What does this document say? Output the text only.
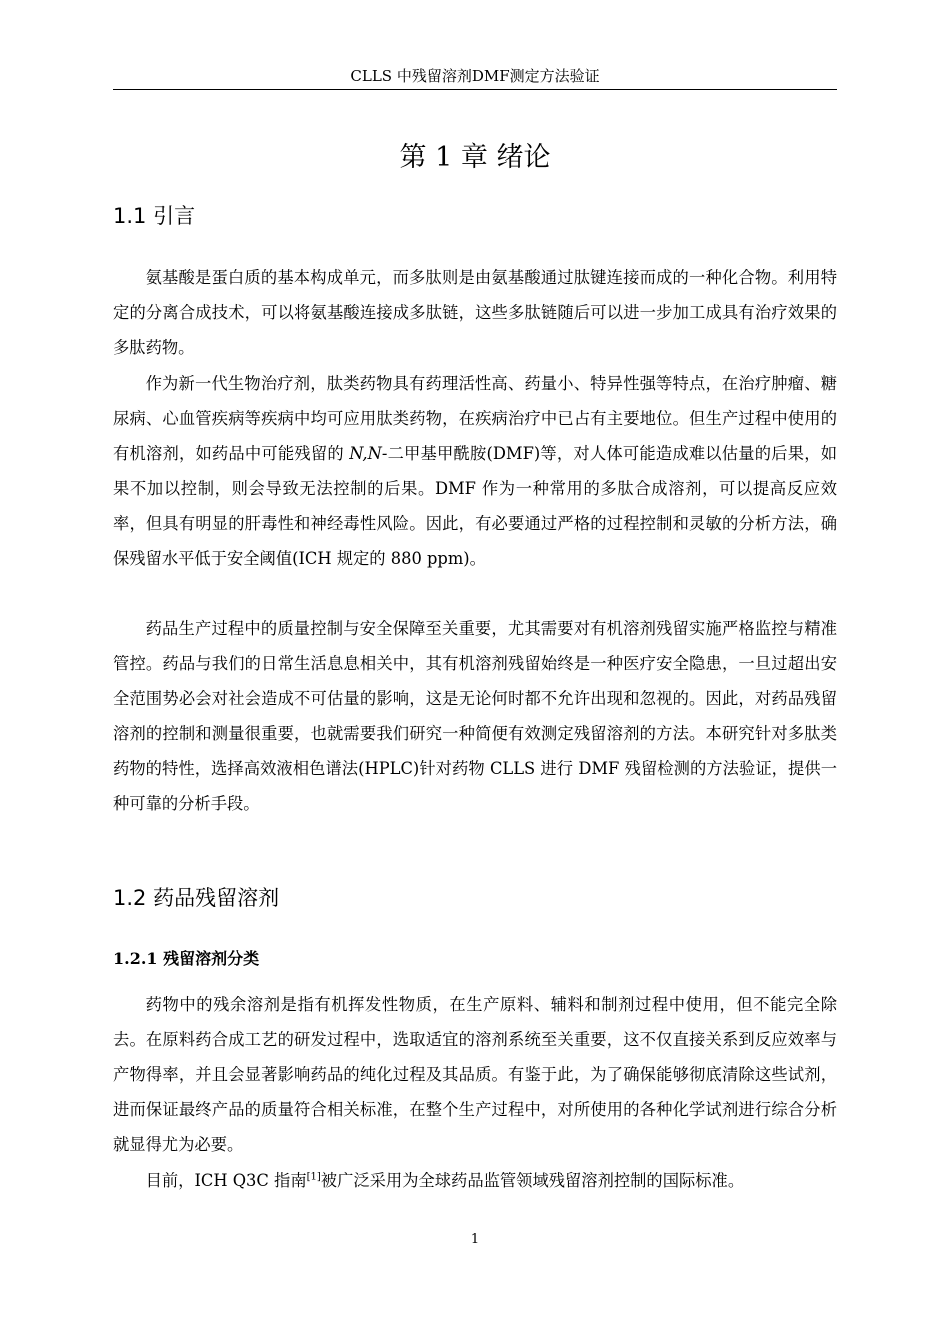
CLLS 中残留溶剂DMF测定方法验证
第 1 章 绪论
1.1 引言
氨基酸是蛋白质的基本构成单元，而多肽则是由氨基酸通过肽键连接而成的一种化合物。利用特定的分离合成技术，可以将氨基酸连接成多肽链，这些多肽链随后可以进一步加工成具有治疗效果的多肽药物。
作为新一代生物治疗剂，肽类药物具有药理活性高、药量小、特异性强等特点，在治疗肿瘤、糖尿病、心血管疾病等疾病中均可应用肽类药物，在疾病治疗中已占有主要地位。但生产过程中使用的有机溶剂，如药品中可能残留的 N,N-二甲基甲酰胺(DMF)等，对人体可能造成难以估量的后果，如果不加以控制，则会导致无法控制的后果。DMF 作为一种常用的多肽合成溶剂，可以提高反应效率，但具有明显的肝毒性和神经毒性风险。因此，有必要通过严格的过程控制和灵敏的分析方法，确保残留水平低于安全阈值(ICH 规定的 880 ppm)。
药品生产过程中的质量控制与安全保障至关重要，尤其需要对有机溶剂残留实施严格监控与精准管控。药品与我们的日常生活息息相关中，其有机溶剂残留始终是一种医疗安全隐患，一旦过超出安全范围势必会对社会造成不可估量的影响，这是无论何时都不允许出现和忽视的。因此，对药品残留溶剂的控制和测量很重要，也就需要我们研究一种简便有效测定残留溶剂的方法。本研究针对多肽类药物的特性，选择高效液相色谱法(HPLC)针对药物 CLLS 进行 DMF 残留检测的方法验证，提供一种可靠的分析手段。
1.2 药品残留溶剂
1.2.1 残留溶剂分类
药物中的残余溶剂是指有机挥发性物质，在生产原料、辅料和制剂过程中使用，但不能完全除去。在原料药合成工艺的研发过程中，选取适宜的溶剂系统至关重要，这不仅直接关系到反应效率与产物得率，并且会显著影响药品的纯化过程及其品质。有鉴于此，为了确保能够彻底清除这些试剂，进而保证最终产品的质量符合相关标准，在整个生产过程中，对所使用的各种化学试剂进行综合分析就显得尤为必要。
目前，ICH Q3C 指南[1]被广泛采用为全球药品监管领域残留溶剂控制的国际标准。
1
